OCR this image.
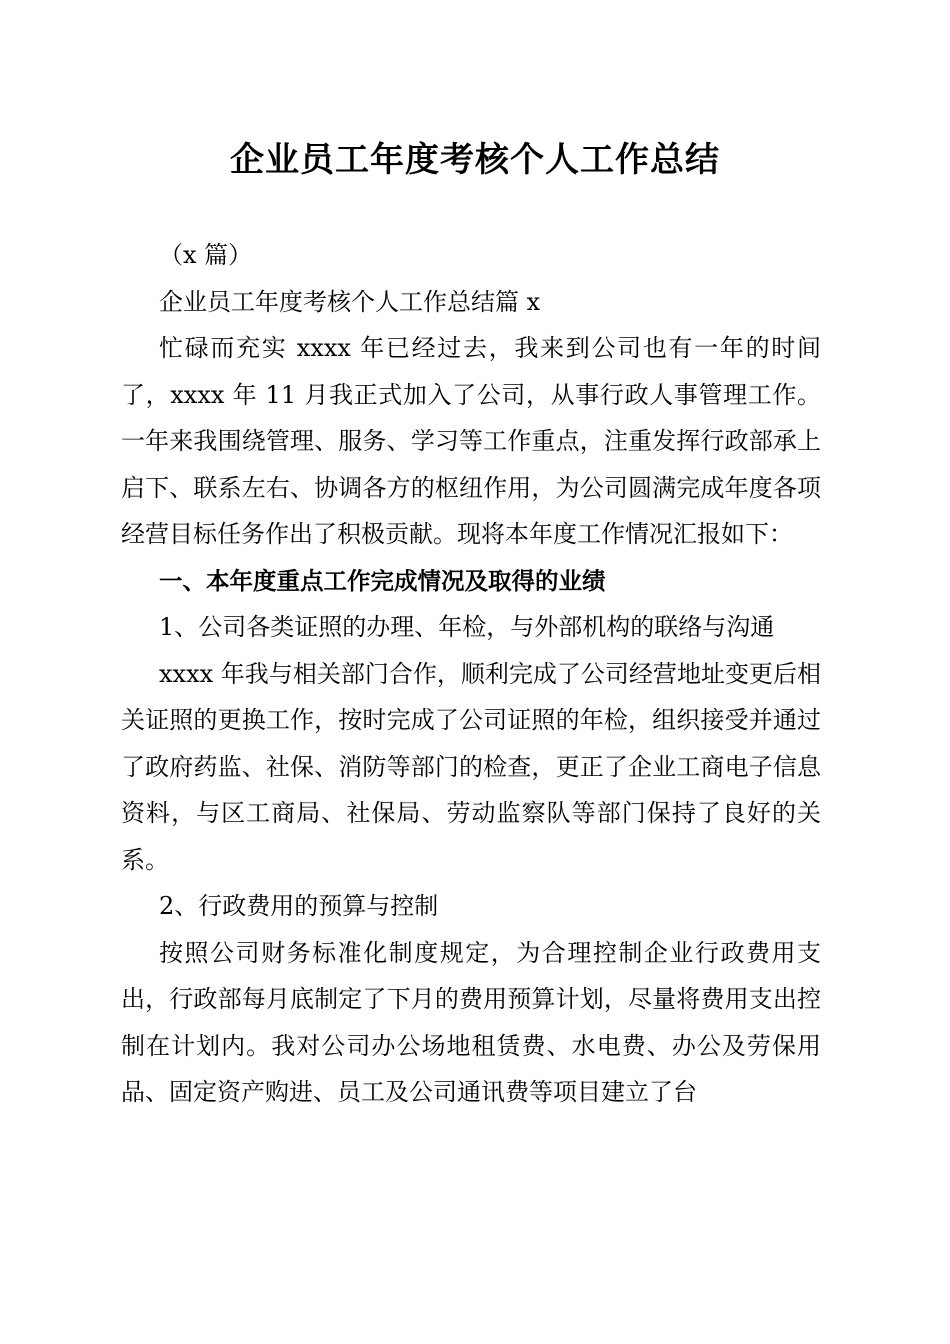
企业员工年度考核个人工作总结

（x 篇）

企业员工年度考核个人工作总结篇 x

忙碌而充实 xxxx 年已经过去，我来到公司也有一年的时间了，xxxx 年 11 月我正式加入了公司，从事行政人事管理工作。一年来我围绕管理、服务、学习等工作重点，注重发挥行政部承上启下、联系左右、协调各方的枢纽作用，为公司圆满完成年度各项经营目标任务作出了积极贡献。现将本年度工作情况汇报如下：

一、本年度重点工作完成情况及取得的业绩

1、公司各类证照的办理、年检，与外部机构的联络与沟通

xxxx 年我与相关部门合作，顺利完成了公司经营地址变更后相关证照的更换工作，按时完成了公司证照的年检，组织接受并通过了政府药监、社保、消防等部门的检查，更正了企业工商电子信息资料，与区工商局、社保局、劳动监察队等部门保持了良好的关系。

2、行政费用的预算与控制

按照公司财务标准化制度规定，为合理控制企业行政费用支出，行政部每月底制定了下月的费用预算计划，尽量将费用支出控制在计划内。我对公司办公场地租赁费、水电费、办公及劳保用品、固定资产购进、员工及公司通讯费等项目建立了台
